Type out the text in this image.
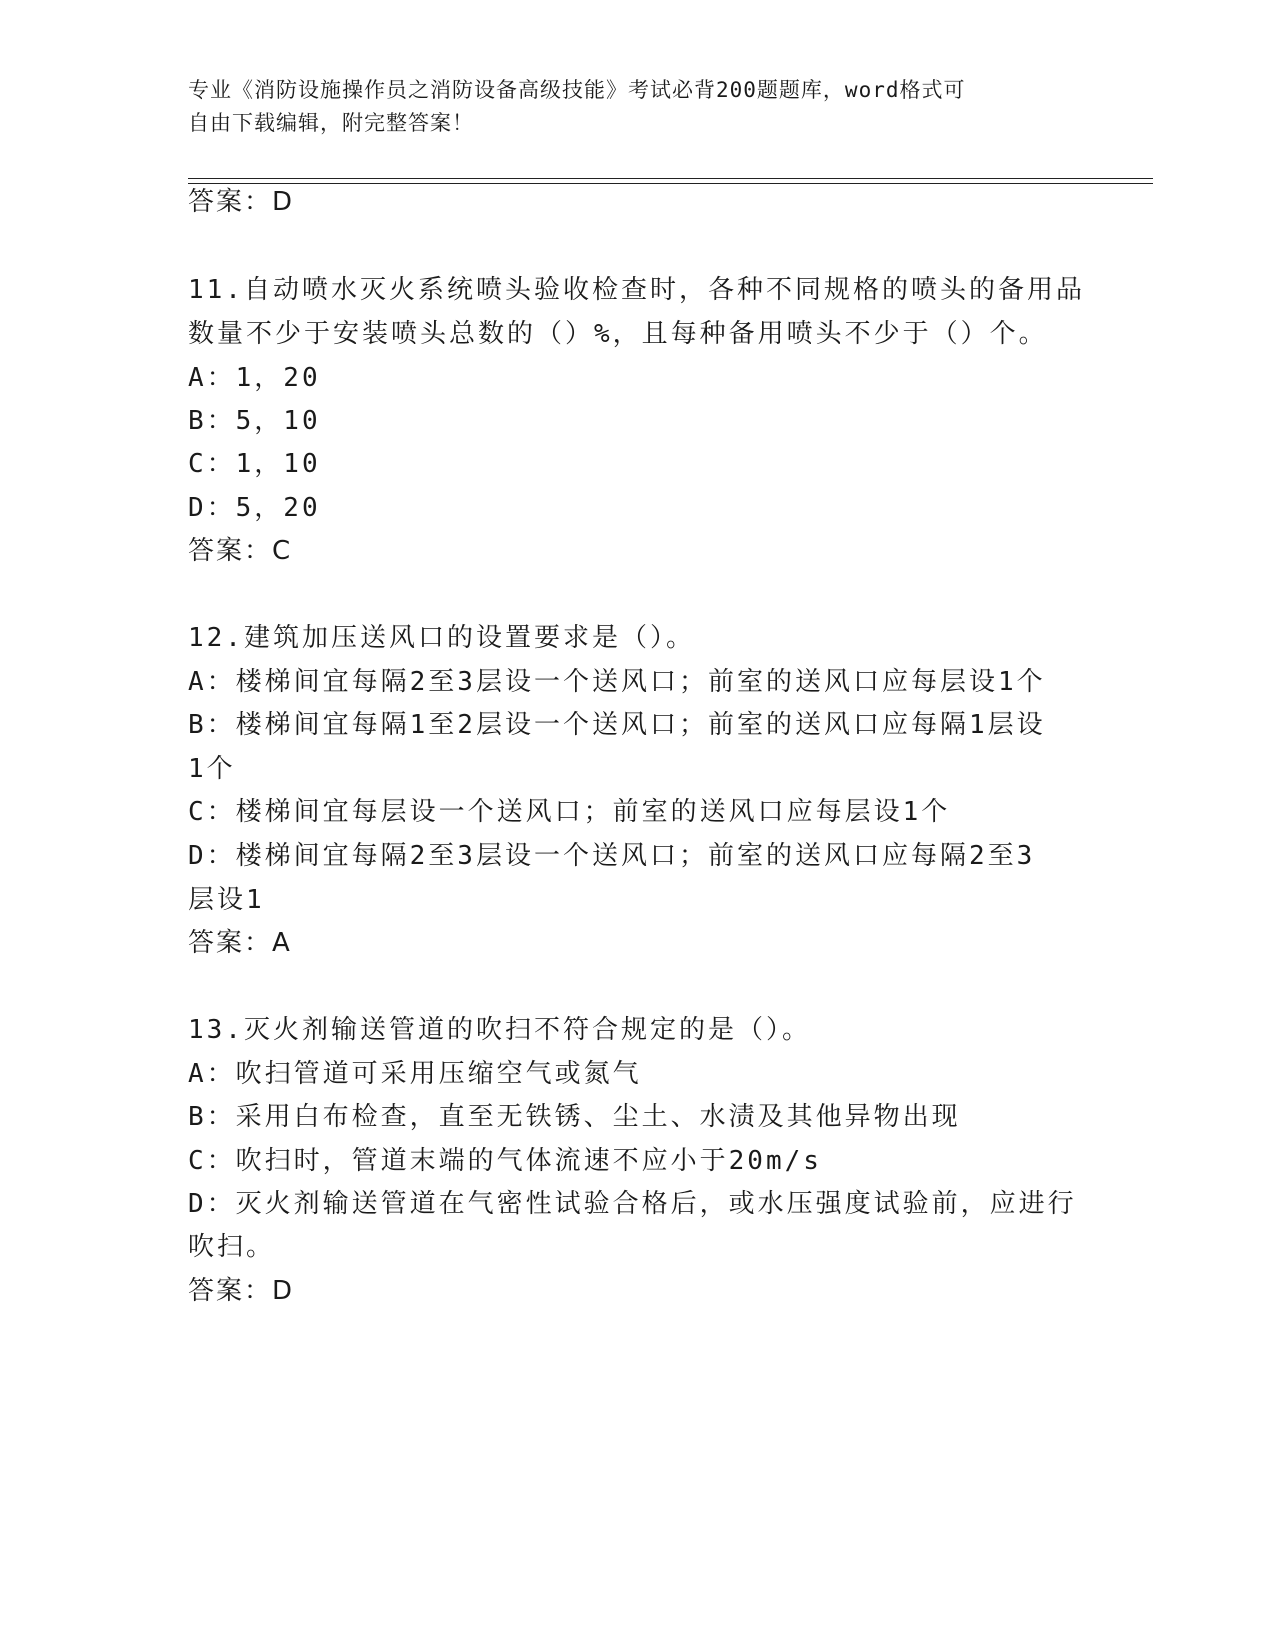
专业《消防设施操作员之消防设备高级技能》考试必背200题题库，word格式可
自由下载编辑，附完整答案！
答案：D
11.自动喷水灭火系统喷头验收检查时，各种不同规格的喷头的备用品
数量不少于安装喷头总数的（）%，且每种备用喷头不少于（）个。
A：1，20
B：5，10
C：1，10
D：5，20
答案：C
12.建筑加压送风口的设置要求是（）。
A：楼梯间宜每隔2至3层设一个送风口；前室的送风口应每层设1个
B：楼梯间宜每隔1至2层设一个送风口；前室的送风口应每隔1层设
1个
C：楼梯间宜每层设一个送风口；前室的送风口应每层设1个
D：楼梯间宜每隔2至3层设一个送风口；前室的送风口应每隔2至3
层设1
答案：A
13.灭火剂输送管道的吹扫不符合规定的是（）。
A：吹扫管道可采用压缩空气或氮气
B：采用白布检查，直至无铁锈、尘土、水渍及其他异物出现
C：吹扫时，管道末端的气体流速不应小于20m/s
D：灭火剂输送管道在气密性试验合格后，或水压强度试验前，应进行
吹扫。
答案：D
